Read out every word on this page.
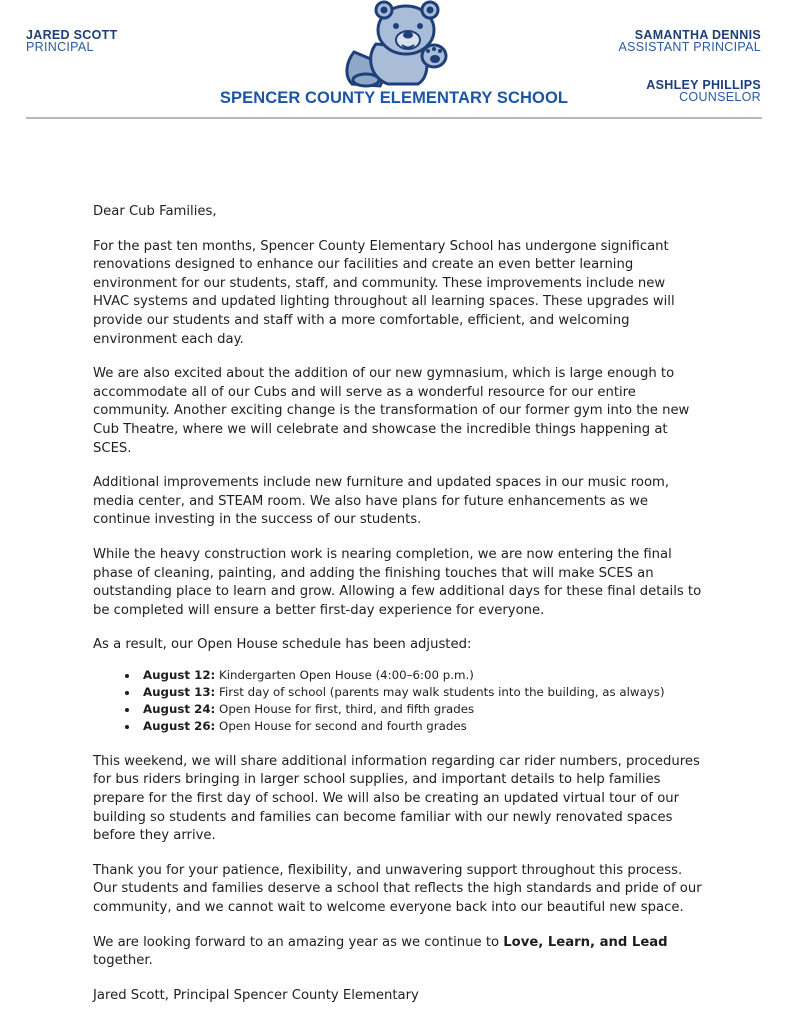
JARED SCOTT
PRINCIPAL
SAMANTHA DENNIS
ASSISTANT PRINCIPAL
ASHLEY PHILLIPS
COUNSELOR
SPENCER COUNTY ELEMENTARY SCHOOL

Dear Cub Families,

For the past ten months, Spencer County Elementary School has undergone significant renovations designed to enhance our facilities and create an even better learning environment for our students, staff, and community. These improvements include new HVAC systems and updated lighting throughout all learning spaces. These upgrades will provide our students and staff with a more comfortable, efficient, and welcoming environment each day.

We are also excited about the addition of our new gymnasium, which is large enough to accommodate all of our Cubs and will serve as a wonderful resource for our entire community. Another exciting change is the transformation of our former gym into the new Cub Theatre, where we will celebrate and showcase the incredible things happening at SCES.

Additional improvements include new furniture and updated spaces in our music room, media center, and STEAM room. We also have plans for future enhancements as we continue investing in the success of our students.

While the heavy construction work is nearing completion, we are now entering the final phase of cleaning, painting, and adding the finishing touches that will make SCES an outstanding place to learn and grow. Allowing a few additional days for these final details to be completed will ensure a better first-day experience for everyone.

As a result, our Open House schedule has been adjusted:

• August 12: Kindergarten Open House (4:00–6:00 p.m.)
• August 13: First day of school (parents may walk students into the building, as always)
• August 24: Open House for first, third, and fifth grades
• August 26: Open House for second and fourth grades

This weekend, we will share additional information regarding car rider numbers, procedures for bus riders bringing in larger school supplies, and important details to help families prepare for the first day of school. We will also be creating an updated virtual tour of our building so students and families can become familiar with our newly renovated spaces before they arrive.

Thank you for your patience, flexibility, and unwavering support throughout this process. Our students and families deserve a school that reflects the high standards and pride of our community, and we cannot wait to welcome everyone back into our beautiful new space.

We are looking forward to an amazing year as we continue to Love, Learn, and Lead together.

Jared Scott, Principal Spencer County Elementary
